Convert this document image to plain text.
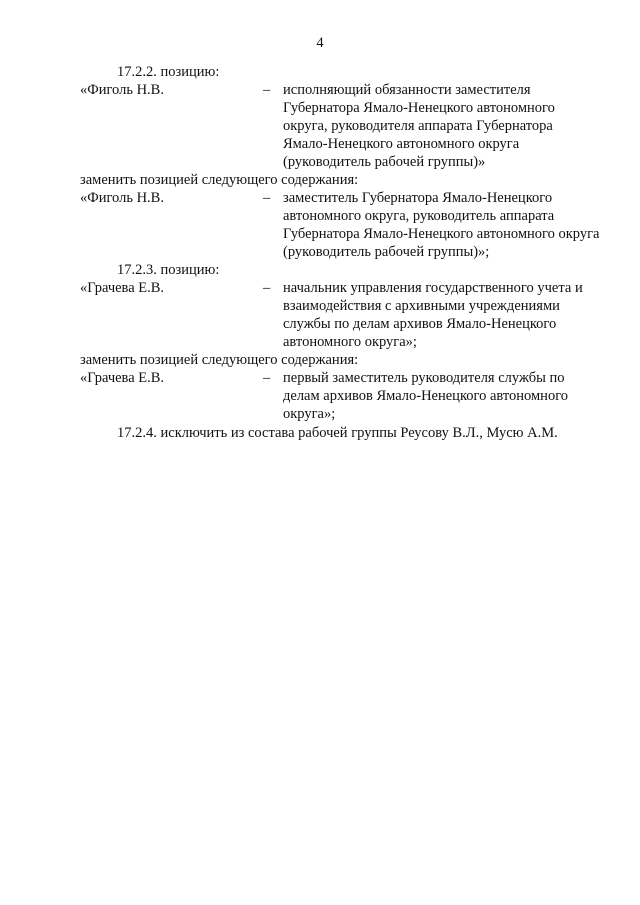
4
17.2.2. позицию:
«Фиголь Н.В.	– исполняющий обязанности заместителя
Губернатора Ямало-Ненецкого автономного
округа, руководителя аппарата Губернатора
Ямало-Ненецкого автономного округа
(руководитель рабочей группы)»
заменить позицией следующего содержания:
«Фиголь Н.В.	– заместитель Губернатора Ямало-Ненецкого
автономного округа, руководитель аппарата
Губернатора Ямало-Ненецкого автономного округа
(руководитель рабочей группы)»;
17.2.3. позицию:
«Грачева Е.В.	– начальник управления государственного учета и
взаимодействия с архивными учреждениями
службы по делам архивов Ямало-Ненецкого
автономного округа»;
заменить позицией следующего содержания:
«Грачева Е.В.	– первый заместитель руководителя службы по
делам архивов Ямало-Ненецкого автономного
округа»;
17.2.4. исключить из состава рабочей группы Реусову В.Л., Мусю А.М.
